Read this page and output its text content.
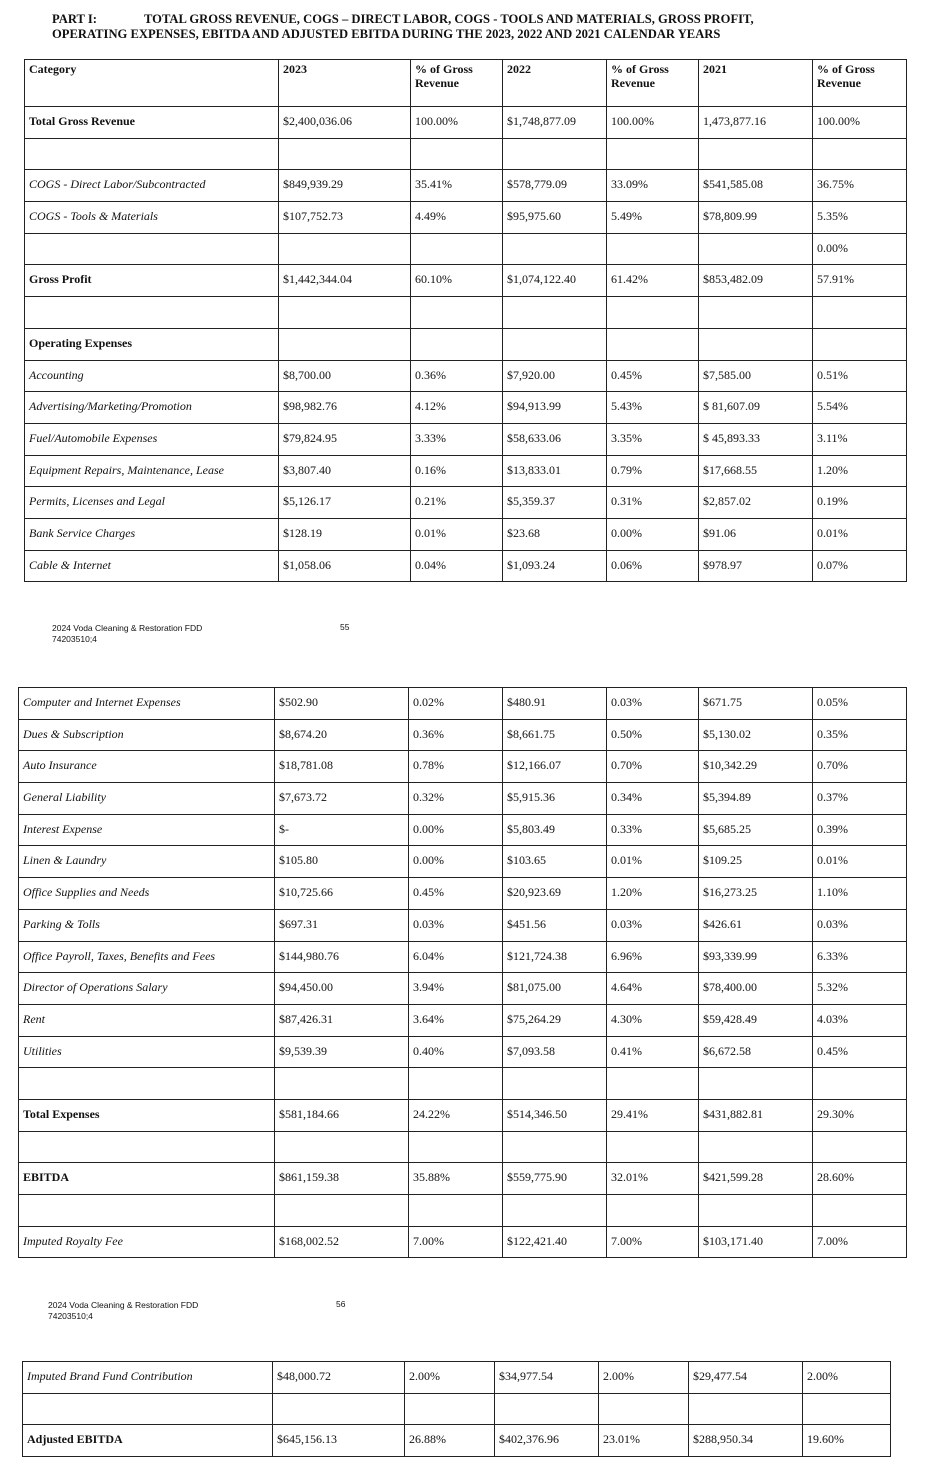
PART I:	TOTAL GROSS REVENUE, COGS – DIRECT LABOR, COGS - TOOLS AND MATERIALS, GROSS PROFIT,
OPERATING EXPENSES, EBITDA AND ADJUSTED EBITDA DURING THE 2023, 2022 AND 2021 CALENDAR YEARS
Category	2023	% of Gross Revenue	2022	% of Gross Revenue	2021	% of Gross Revenue
Total Gross Revenue	$2,400,036.06	100.00%	$1,748,877.09	100.00%	1,473,877.16	100.00%

COGS - Direct Labor/Subcontracted	$849,939.29	35.41%	$578,779.09	33.09%	$541,585.08	36.75%
COGS - Tools & Materials	$107,752.73	4.49%	$95,975.60	5.49%	$78,809.99	5.35%
						0.00%
Gross Profit	$1,442,344.04	60.10%	$1,074,122.40	61.42%	$853,482.09	57.91%

Operating Expenses						
Accounting	$8,700.00	0.36%	$7,920.00	0.45%	$7,585.00	0.51%
Advertising/Marketing/Promotion	$98,982.76	4.12%	$94,913.99	5.43%	$ 81,607.09	5.54%
Fuel/Automobile Expenses	$79,824.95	3.33%	$58,633.06	3.35%	$ 45,893.33	3.11%
Equipment Repairs, Maintenance, Lease	$3,807.40	0.16%	$13,833.01	0.79%	$17,668.55	1.20%
Permits, Licenses and Legal	$5,126.17	0.21%	$5,359.37	0.31%	$2,857.02	0.19%
Bank Service Charges	$128.19	0.01%	$23.68	0.00%	$91.06	0.01%
Cable & Internet	$1,058.06	0.04%	$1,093.24	0.06%	$978.97	0.07%
2024 Voda Cleaning & Restoration FDD
74203510;4
55
Computer and Internet Expenses	$502.90	0.02%	$480.91	0.03%	$671.75	0.05%
Dues & Subscription	$8,674.20	0.36%	$8,661.75	0.50%	$5,130.02	0.35%
Auto Insurance	$18,781.08	0.78%	$12,166.07	0.70%	$10,342.29	0.70%
General Liability	$7,673.72	0.32%	$5,915.36	0.34%	$5,394.89	0.37%
Interest Expense	$-	0.00%	$5,803.49	0.33%	$5,685.25	0.39%
Linen & Laundry	$105.80	0.00%	$103.65	0.01%	$109.25	0.01%
Office Supplies and Needs	$10,725.66	0.45%	$20,923.69	1.20%	$16,273.25	1.10%
Parking & Tolls	$697.31	0.03%	$451.56	0.03%	$426.61	0.03%
Office Payroll, Taxes, Benefits and Fees	$144,980.76	6.04%	$121,724.38	6.96%	$93,339.99	6.33%
Director of Operations Salary	$94,450.00	3.94%	$81,075.00	4.64%	$78,400.00	5.32%
Rent	$87,426.31	3.64%	$75,264.29	4.30%	$59,428.49	4.03%
Utilities	$9,539.39	0.40%	$7,093.58	0.41%	$6,672.58	0.45%

Total Expenses	$581,184.66	24.22%	$514,346.50	29.41%	$431,882.81	29.30%

EBITDA	$861,159.38	35.88%	$559,775.90	32.01%	$421,599.28	28.60%

Imputed Royalty Fee	$168,002.52	7.00%	$122,421.40	7.00%	$103,171.40	7.00%
2024 Voda Cleaning & Restoration FDD
74203510;4
56
Imputed Brand Fund Contribution	$48,000.72	2.00%	$34,977.54	2.00%	$29,477.54	2.00%

Adjusted EBITDA	$645,156.13	26.88%	$402,376.96	23.01%	$288,950.34	19.60%
